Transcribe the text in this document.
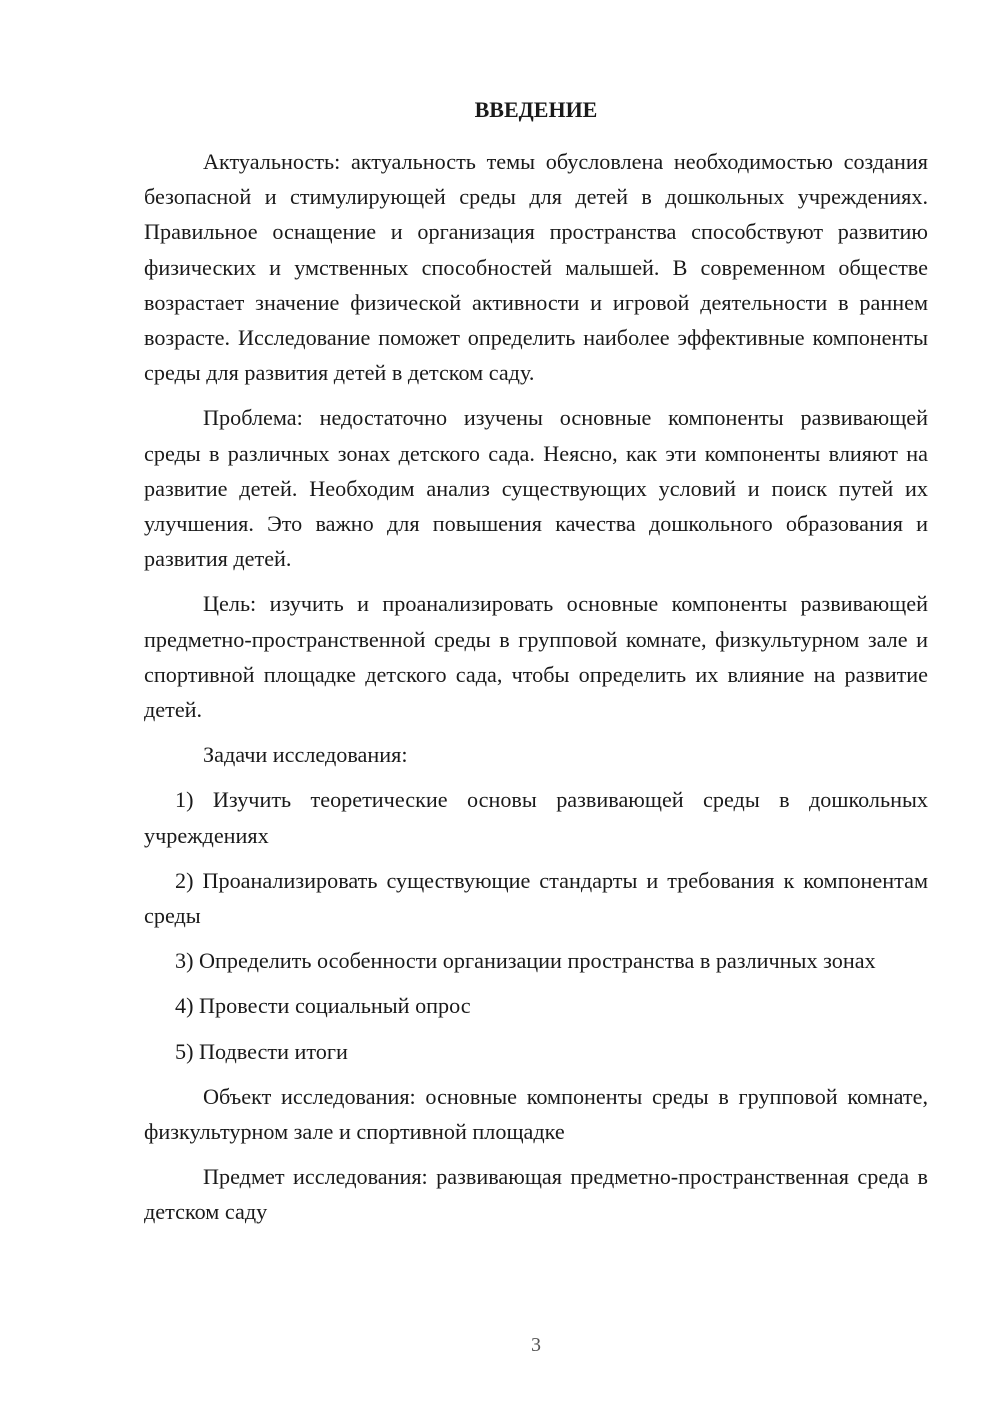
ВВЕДЕНИЕ

Актуальность: актуальность темы обусловлена необходимостью создания безопасной и стимулирующей среды для детей в дошкольных учреждениях. Правильное оснащение и организация пространства способствуют развитию физических и умственных способностей малышей. В современном обществе возрастает значение физической активности и игровой деятельности в раннем возрасте. Исследование поможет определить наиболее эффективные компоненты среды для развития детей в детском саду.

Проблема: недостаточно изучены основные компоненты развивающей среды в различных зонах детского сада. Неясно, как эти компоненты влияют на развитие детей. Необходим анализ существующих условий и поиск путей их улучшения. Это важно для повышения качества дошкольного образования и развития детей.

Цель: изучить и проанализировать основные компоненты развивающей предметно-пространственной среды в групповой комнате, физкультурном зале и спортивной площадке детского сада, чтобы определить их влияние на развитие детей.

Задачи исследования:

1) Изучить теоретические основы развивающей среды в дошкольных учреждениях

2) Проанализировать существующие стандарты и требования к компонентам среды

3) Определить особенности организации пространства в различных зонах

4) Провести социальный опрос

5) Подвести итоги

Объект исследования: основные компоненты среды в групповой комнате, физкультурном зале и спортивной площадке

Предмет исследования: развивающая предметно-пространственная среда в детском саду

3
